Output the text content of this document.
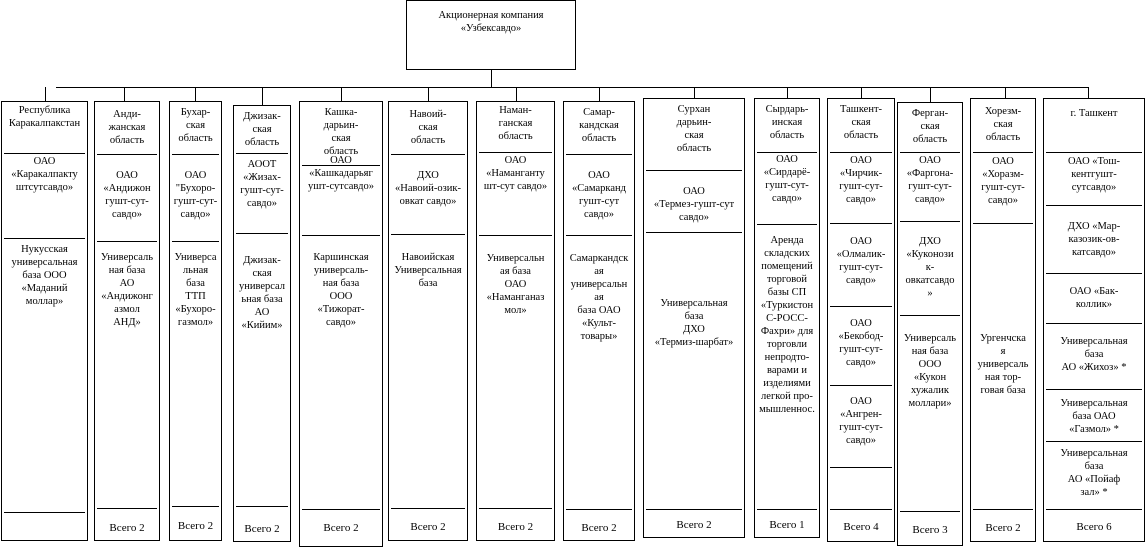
Акционерная компания
«Узбексавдо»
Республика
Каракалпакстан
ОАО
«Каракалпакту
штсутсавдо»
Нукусская
универсальная
база ООО
«Маданий
моллар»
Анди-
жанская
область
ОАО
«Андижон
гушт-сут-
савдо»
Универсаль
ная база
АО
«Андижонг
азмол
АНД»
Всего 2
Бухар-
ская
область
ОАО
"Бухоро-
гушт-сут-
савдо»
Универса
льная
база
ТТП
«Бухоро-
газмол»
Всего 2
Джизак-
ская
область
АООТ
«Жизах-
гушт-сут-
савдо»
Джизак-
ская
универсал
ьная база
АО
«Кийим»
Всего 2
Кашка-
дарьин-
ская
область
ОАО
«Кашкадарьяг
ушт-сутсавдо»
Каршинская
универсаль-
ная база
ООО
«Тижорат-
савдо»
Всего 2
Навоий-
ская
область
ДХО
«Навоий-озик-
овкат савдо»
Навоийская
Универсальная
база
Всего 2
Наман-
ганская
область
ОАО
«Наманганту
шт-сут савдо»
Универсальн
ая база
ОАО
«Наманганаз
мол»
Всего 2
Самар-
кандская
область
ОАО
«Самарканд
гушт-сут
савдо»
Самаркандск
ая
универсальн
ая
база ОАО
«Культ-
товары»
Всего 2
Сурхан
дарьин-
ская
область
ОАО
«Термез-гушт-сут
савдо»
Универсальная
база
ДХО
«Термиз-шарбат»
Всего 2
Сырдарь-
инская
область
ОАО
«Сирдарё-
гушт-сут-
савдо»
Аренда
складских
помещений
торговой
базы СП
«Туркистон
С-РОСС-
Фахри» для
торговли
непродто-
варами и
изделиями
легкой про-
мышленнос.
Всего 1
Ташкент-
ская
область
ОАО
«Чирчик-
гушт-сут-
савдо»
ОАО
«Олмалик-
гушт-сут-
савдо»
ОАО
«Бекобод-
гушт-сут-
савдо»
ОАО
«Ангрен-
гушт-сут-
савдо»
Всего 4
Ферган-
ская
область
ОАО
«Фаргона-
гушт-сут-
савдо»
ДХО
«Куконози
к-
овкатсавдо
»
Универсаль
ная база
ООО
«Кукон
хужалик
моллари»
Всего 3
Хорезм-
ская
область
ОАО
«Хоразм-
гушт-сут-
савдо»
Ургенчска
я
универсаль
ная тор-
говая база
Всего 2
г. Ташкент
ОАО «Тош-
кентгушт-
сутсавдо»
ДХО «Мар-
казозик-ов-
катсавдо»
ОАО «Бак-
коллик»
Универсальная
база
АО «Жихоз» *
Универсальная
база ОАО
«Газмол» *
Универсальная
база
АО «Пойаф
зал» *
Всего 6
